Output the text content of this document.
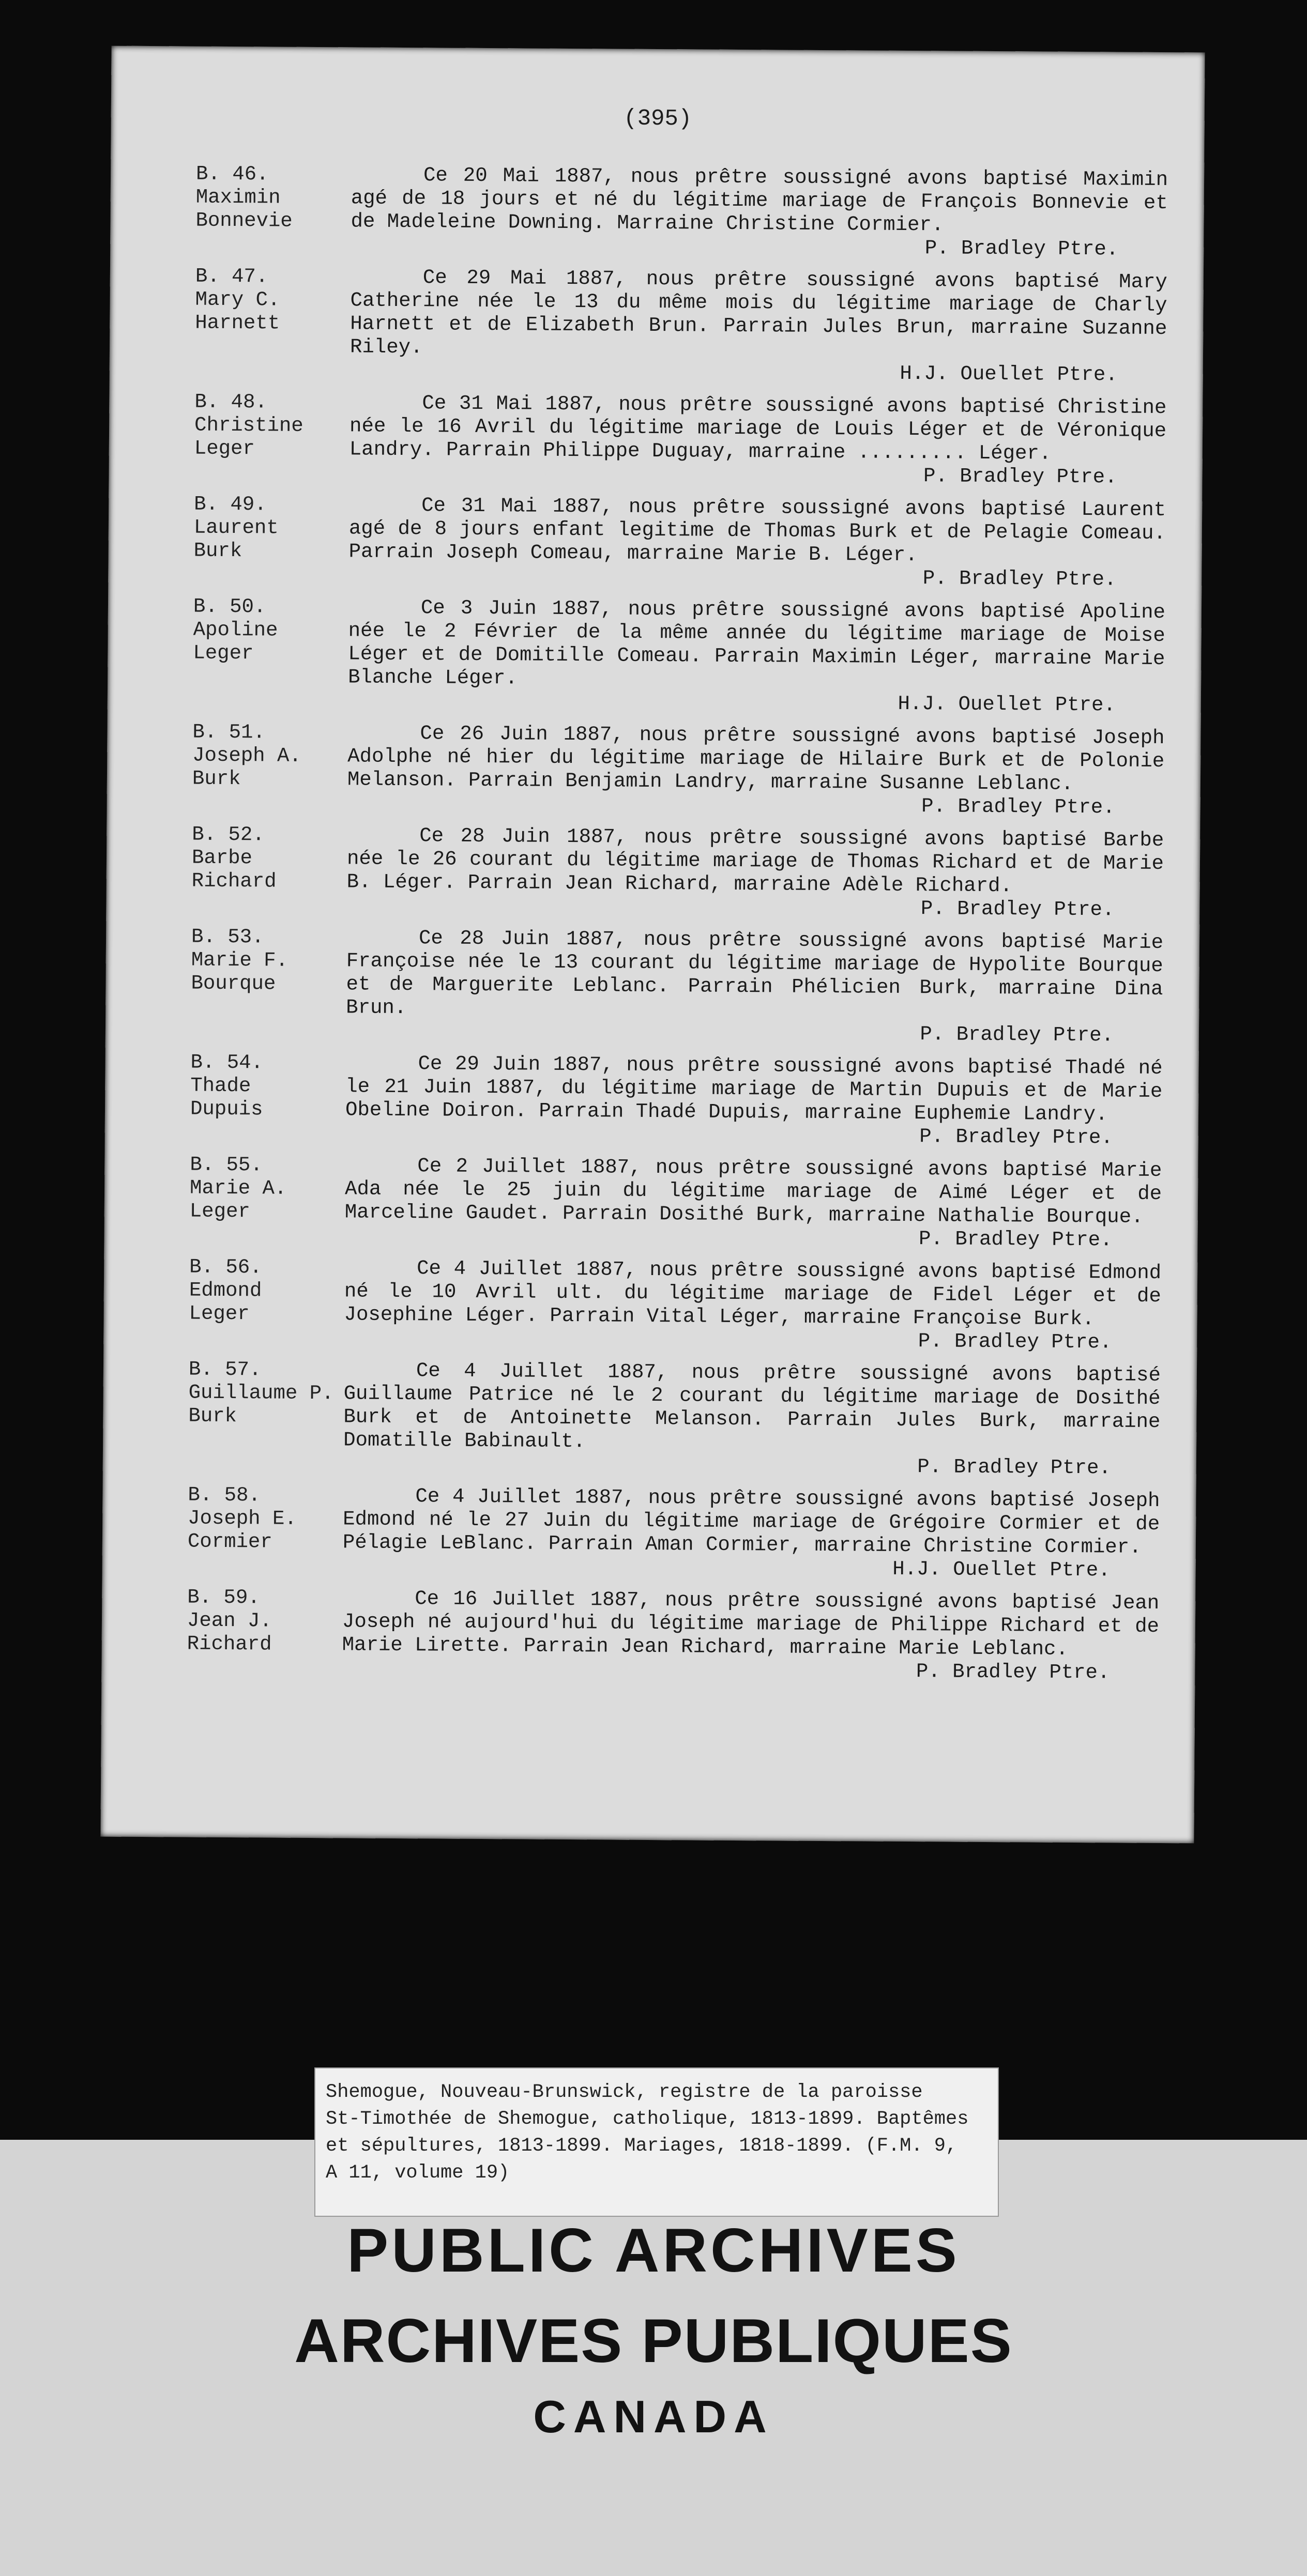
(395)
B. 46.
Maximin
Bonnevie
Ce 20 Mai 1887, nous prêtre soussigné avons baptisé Maximin agé de 18 jours et né du légitime mariage de François Bonnevie et de Madeleine Downing. Marraine Christine Cormier.
P. Bradley Ptre.
B. 47.
Mary C.
Harnett
Ce 29 Mai 1887, nous prêtre soussigné avons baptisé Mary Catherine née le 13 du même mois du légitime mariage de Charly Harnett et de Elizabeth Brun. Parrain Jules Brun, marraine Suzanne Riley.
H.J. Ouellet Ptre.
B. 48.
Christine
Leger
Ce 31 Mai 1887, nous prêtre soussigné avons baptisé Christine née le 16 Avril du légitime mariage de Louis Léger et de Véronique Landry. Parrain Philippe Duguay, marraine ......... Léger.
P. Bradley Ptre.
B. 49.
Laurent
Burk
Ce 31 Mai 1887, nous prêtre soussigné avons baptisé Laurent agé de 8 jours enfant legitime de Thomas Burk et de Pelagie Comeau. Parrain Joseph Comeau, marraine Marie B. Léger.
P. Bradley Ptre.
B. 50.
Apoline
Leger
Ce 3 Juin 1887, nous prêtre soussigné avons baptisé Apoline née le 2 Février de la même année du légitime mariage de Moise Léger et de Domitille Comeau. Parrain Maximin Léger, marraine Marie Blanche Léger.
H.J. Ouellet Ptre.
B. 51.
Joseph A.
Burk
Ce 26 Juin 1887, nous prêtre soussigné avons baptisé Joseph Adolphe né hier du légitime mariage de Hilaire Burk et de Polonie Melanson. Parrain Benjamin Landry, marraine Susanne Leblanc.
P. Bradley Ptre.
B. 52.
Barbe
Richard
Ce 28 Juin 1887, nous prêtre soussigné avons baptisé Barbe née le 26 courant du légitime mariage de Thomas Richard et de Marie B. Léger. Parrain Jean Richard, marraine Adèle Richard.
P. Bradley Ptre.
B. 53.
Marie F.
Bourque
Ce 28 Juin 1887, nous prêtre soussigné avons baptisé Marie Françoise née le 13 courant du légitime mariage de Hypolite Bourque et de Marguerite Leblanc. Parrain Phélicien Burk, marraine Dina Brun.
P. Bradley Ptre.
B. 54.
Thade
Dupuis
Ce 29 Juin 1887, nous prêtre soussigné avons baptisé Thadé né le 21 Juin 1887, du légitime mariage de Martin Dupuis et de Marie Obeline Doiron. Parrain Thadé Dupuis, marraine Euphemie Landry.
P. Bradley Ptre.
B. 55.
Marie A.
Leger
Ce 2 Juillet 1887, nous prêtre soussigné avons baptisé Marie Ada née le 25 juin du légitime mariage de Aimé Léger et de Marceline Gaudet. Parrain Dosithé Burk, marraine Nathalie Bourque.
P. Bradley Ptre.
B. 56.
Edmond
Leger
Ce 4 Juillet 1887, nous prêtre soussigné avons baptisé Edmond né le 10 Avril ult. du légitime mariage de Fidel Léger et de Josephine Léger. Parrain Vital Léger, marraine Françoise Burk.
P. Bradley Ptre.
B. 57.
Guillaume P.
Burk
Ce 4 Juillet 1887, nous prêtre soussigné avons baptisé Guillaume Patrice né le 2 courant du légitime mariage de Dosithé Burk et de Antoinette Melanson. Parrain Jules Burk, marraine Domatille Babinault.
P. Bradley Ptre.
B. 58.
Joseph E.
Cormier
Ce 4 Juillet 1887, nous prêtre soussigné avons baptisé Joseph Edmond né le 27 Juin du légitime mariage de Grégoire Cormier et de Pélagie LeBlanc. Parrain Aman Cormier, marraine Christine Cormier.
H.J. Ouellet Ptre.
B. 59.
Jean J.
Richard
Ce 16 Juillet 1887, nous prêtre soussigné avons baptisé Jean Joseph né aujourd'hui du légitime mariage de Philippe Richard et de Marie Lirette. Parrain Jean Richard, marraine Marie Leblanc.
P. Bradley Ptre.
Shemogue, Nouveau-Brunswick, registre de la paroisse
St-Timothée de Shemogue, catholique, 1813-1899. Baptêmes
et sépultures, 1813-1899. Mariages, 1818-1899. (F.M. 9,
A 11, volume 19)
PUBLIC ARCHIVES
ARCHIVES PUBLIQUES
CANADA
